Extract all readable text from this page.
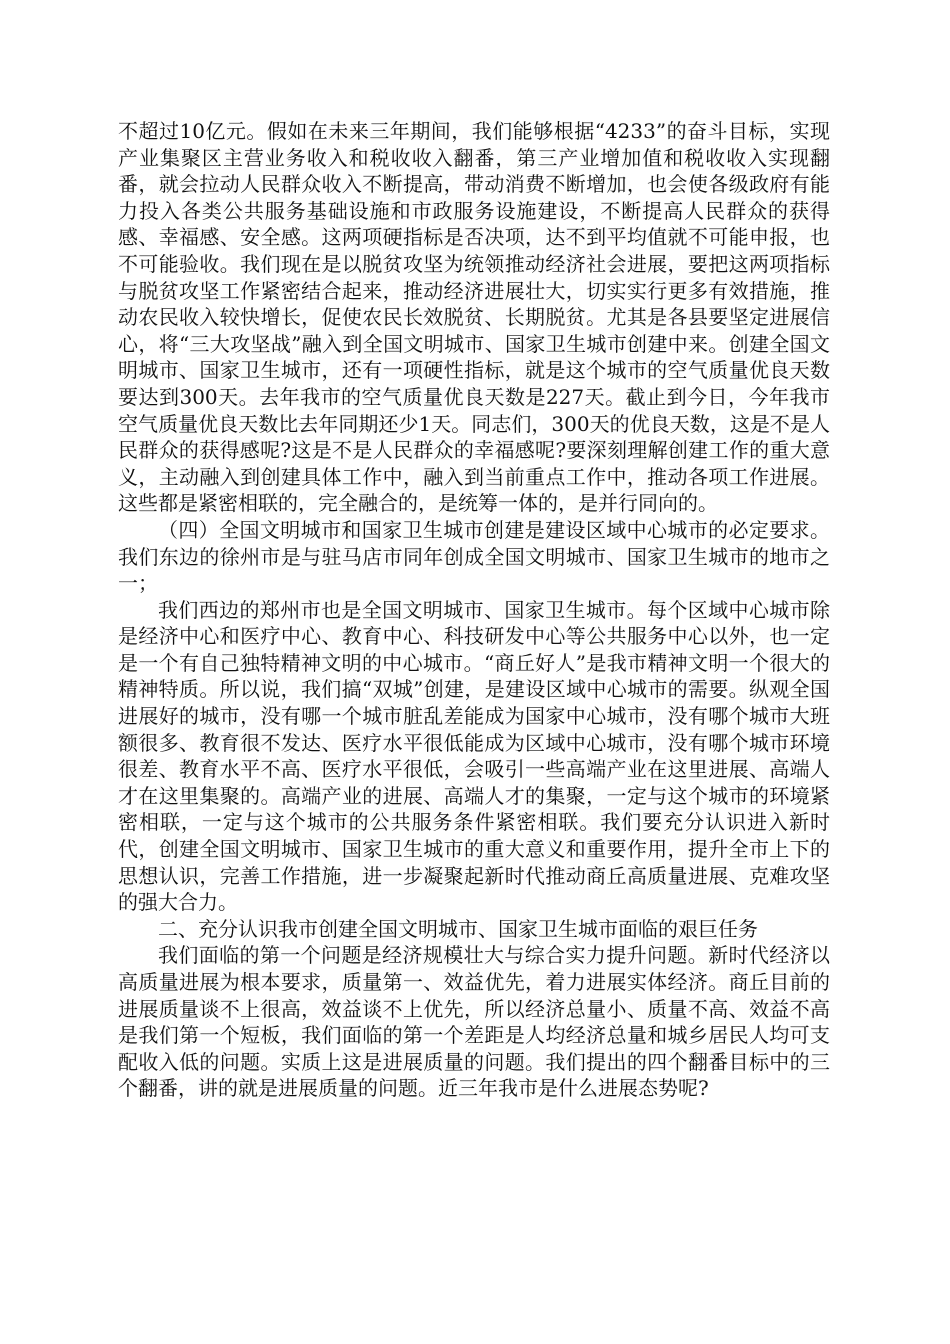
不超过10亿元。假如在未来三年期间，我们能够根据“4233”的奋斗目标，实现产业集聚区主营业务收入和税收收入翻番，第三产业增加值和税收收入实现翻番，就会拉动人民群众收入不断提高，带动消费不断增加，也会使各级政府有能力投入各类公共服务基础设施和市政服务设施建设，不断提高人民群众的获得感、幸福感、安全感。这两项硬指标是否决项，达不到平均值就不可能申报，也不可能验收。我们现在是以脱贫攻坚为统领推动经济社会进展，要把这两项指标与脱贫攻坚工作紧密结合起来，推动经济进展壮大，切实实行更多有效措施，推动农民收入较快增长，促使农民长效脱贫、长期脱贫。尤其是各县要坚定进展信心，将“三大攻坚战”融入到全国文明城市、国家卫生城市创建中来。创建全国文明城市、国家卫生城市，还有一项硬性指标，就是这个城市的空气质量优良天数要达到300天。去年我市的空气质量优良天数是227天。截止到今日，今年我市空气质量优良天数比去年同期还少1天。同志们，300天的优良天数，这是不是人民群众的获得感呢?这是不是人民群众的幸福感呢?要深刻理解创建工作的重大意义，主动融入到创建具体工作中，融入到当前重点工作中，推动各项工作进展。这些都是紧密相联的，完全融合的，是统筹一体的，是并行同向的。

（四）全国文明城市和国家卫生城市创建是建设区域中心城市的必定要求。我们东边的徐州市是与驻马店市同年创成全国文明城市、国家卫生城市的地市之一；

我们西边的郑州市也是全国文明城市、国家卫生城市。每个区域中心城市除是经济中心和医疗中心、教育中心、科技研发中心等公共服务中心以外，也一定是一个有自己独特精神文明的中心城市。“商丘好人”是我市精神文明一个很大的精神特质。所以说，我们搞“双城”创建，是建设区域中心城市的需要。纵观全国进展好的城市，没有哪一个城市脏乱差能成为国家中心城市，没有哪个城市大班额很多、教育很不发达、医疗水平很低能成为区域中心城市，没有哪个城市环境很差、教育水平不高、医疗水平很低，会吸引一些高端产业在这里进展、高端人才在这里集聚的。高端产业的进展、高端人才的集聚，一定与这个城市的环境紧密相联，一定与这个城市的公共服务条件紧密相联。我们要充分认识进入新时代，创建全国文明城市、国家卫生城市的重大意义和重要作用，提升全市上下的思想认识，完善工作措施，进一步凝聚起新时代推动商丘高质量进展、克难攻坚的强大合力。

二、充分认识我市创建全国文明城市、国家卫生城市面临的艰巨任务

我们面临的第一个问题是经济规模壮大与综合实力提升问题。新时代经济以高质量进展为根本要求，质量第一、效益优先，着力进展实体经济。商丘目前的进展质量谈不上很高，效益谈不上优先，所以经济总量小、质量不高、效益不高是我们第一个短板，我们面临的第一个差距是人均经济总量和城乡居民人均可支配收入低的问题。实质上这是进展质量的问题。我们提出的四个翻番目标中的三个翻番，讲的就是进展质量的问题。近三年我市是什么进展态势呢?
